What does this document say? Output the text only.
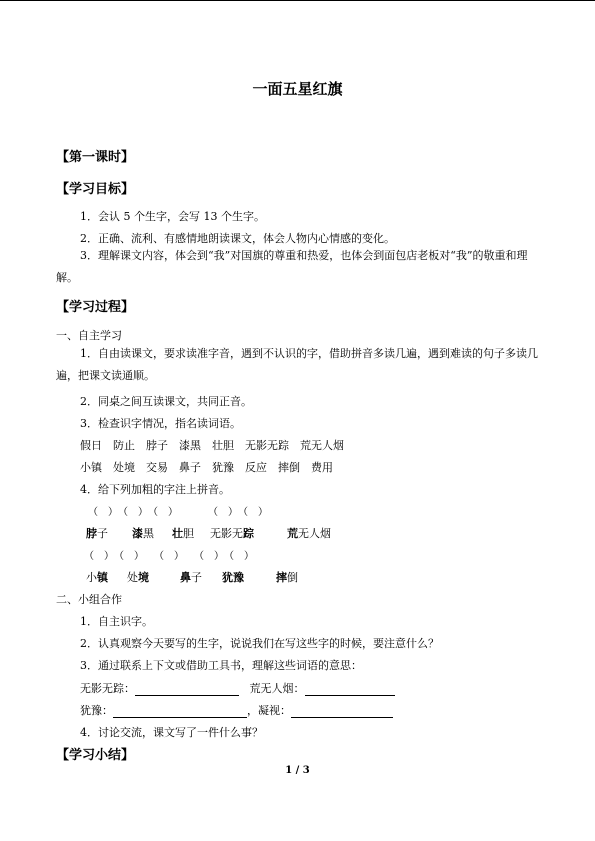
一面五星红旗
【第一课时】
【学习目标】
1．会认 5 个生字，会写 13 个生字。
2．正确、流利、有感情地朗读课文，体会人物内心情感的变化。
3．理解课文内容，体会到“我”对国旗的尊重和热爱，也体会到面包店老板对“我”的敬重和理解。
【学习过程】
一、自主学习
1．自由读课文，要求读准字音，遇到不认识的字，借助拼音多读几遍，遇到难读的句子多读几遍，把课文读通顺。
2．同桌之间互读课文，共同正音。
3．检查识字情况，指名读词语。
假日　防止　脖子　漆黑　壮胆　无影无踪　荒无人烟
小镇　处境　交易　鼻子　犹豫　反应　摔倒　费用
4．给下列加粗的字注上拼音。
（　）　（　）　（　）　　　　（　）　（　）
脖子 漆黑 壮胆 无影无踪	荒无人烟
（　）　（　）　　（　）　　（　）　（　）
小镇 处境	鼻子 犹豫	摔倒
二、小组合作
1．自主识字。
2．认真观察今天要写的生字，说说我们在写这些字的时候，要注意什么？
3．通过联系上下文或借助工具书，理解这些词语的意思：
无影无踪：	荒无人烟：
犹豫：	，凝视：
4．讨论交流，课文写了一件什么事？
【学习小结】
1 / 3
